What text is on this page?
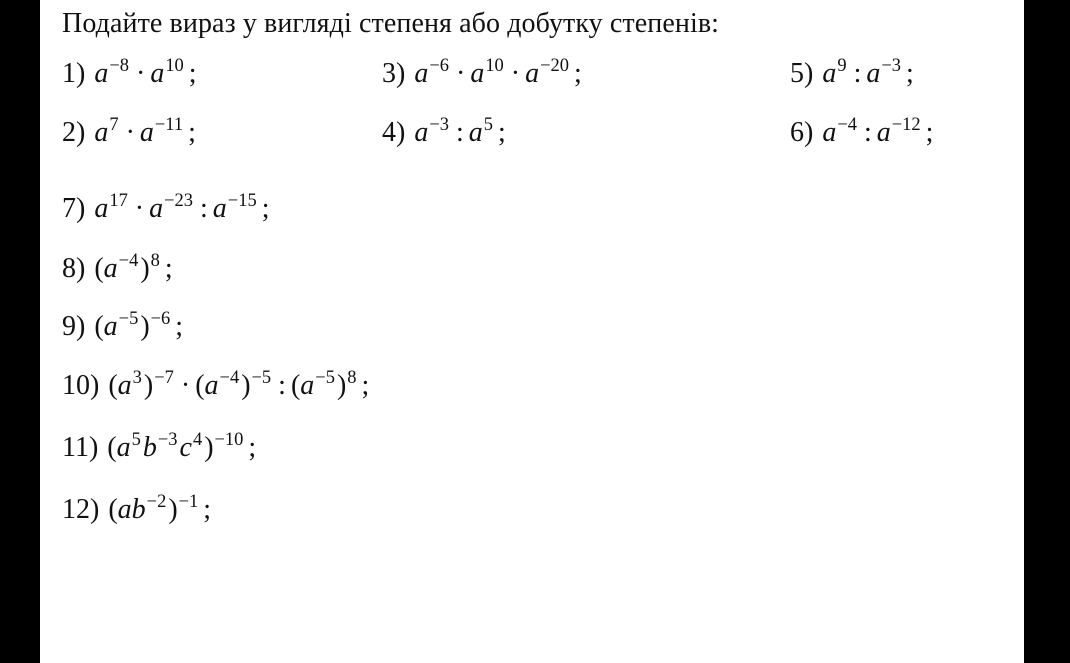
Подайте вираз у вигляді степеня або добутку степенів:
1) $a^{-8} \cdot a^{10}$ ;
2) $a^7 \cdot a^{-11}$ ;
3) $a^{-6} \cdot a^{10} \cdot a^{-20}$ ;
4) $a^{-3}$ : $a^5$ ;
5) $a^9$ : $a^{-3}$ ;
6) $a^{-4}$ : $a^{-12}$ ;
7) $a^{17} \cdot a^{-23}$ : $a^{-15}$ ;
8) $(a^{-4})^8$ ;
9) $(a^{-5})^{-6}$ ;
10) $(a^3)^{-7} \cdot (a^{-4})^{-5}$ : $(a^{-5})^8$ ;
11) $(a^5b^{-3}c^4)^{-10}$ ;
12) $(ab^{-2})^{-1}$ ;
